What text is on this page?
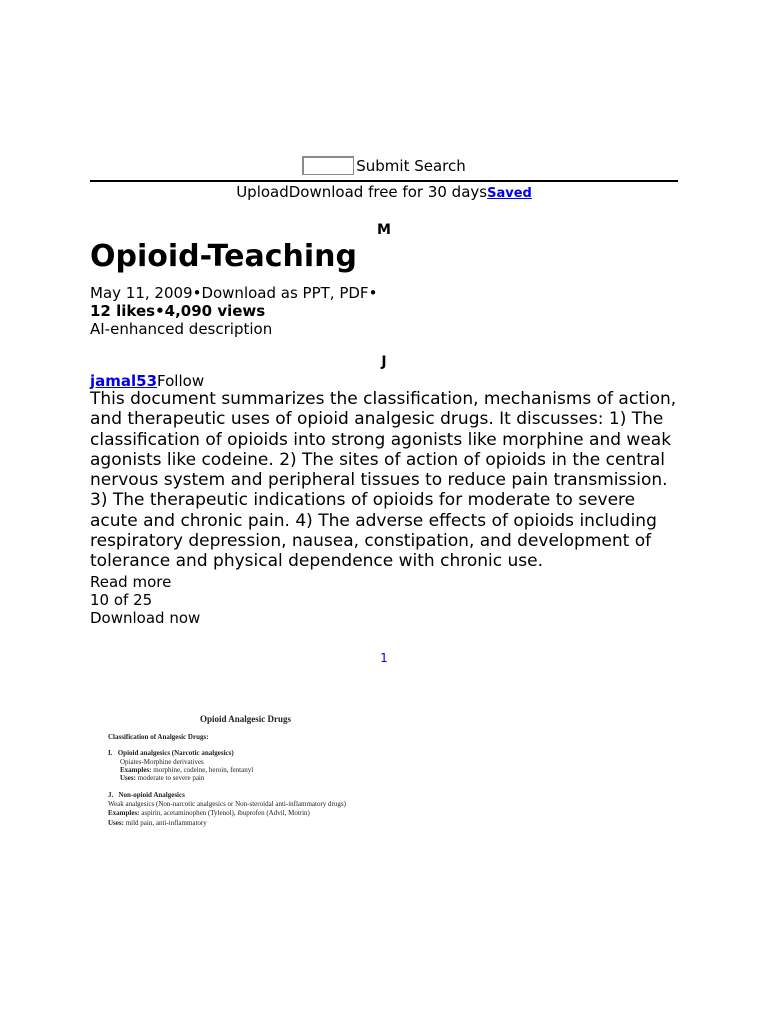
Submit Search
UploadDownload free for 30 daysSaved
M
Opioid-Teaching
May 11, 2009•Download as PPT, PDF•
12 likes•4,090 views
AI-enhanced description
J
jamal53Follow

This document summarizes the classification, mechanisms of action, and therapeutic uses of opioid analgesic drugs. It discusses: 1) The classification of opioids into strong agonists like morphine and weak agonists like codeine. 2) The sites of action of opioids in the central nervous system and peripheral tissues to reduce pain transmission. 3) The therapeutic indications of opioids for moderate to severe acute and chronic pain. 4) The adverse effects of opioids including respiratory depression, nausea, constipation, and development of tolerance and physical dependence with chronic use.

Read more
10 of 25
Download now
1
Opioid Analgesic Drugs
Classification of Analgesic Drugs:
I. Opioid analgesics (Narcotic analgesics)
Opiates-Morphine derivatives
Examples: morphine, codeine, heroin, fentanyl
Uses: moderate to severe pain
J. Non-opioid Analgesics
Weak analgesics (Non-narcotic analgesics or Non-steroidal anti-inflammatory drugs)
Examples: aspirin, acetaminophen (Tylenol), ibuprofen (Advil, Motrin)
Uses: mild pain, anti-inflammatory
